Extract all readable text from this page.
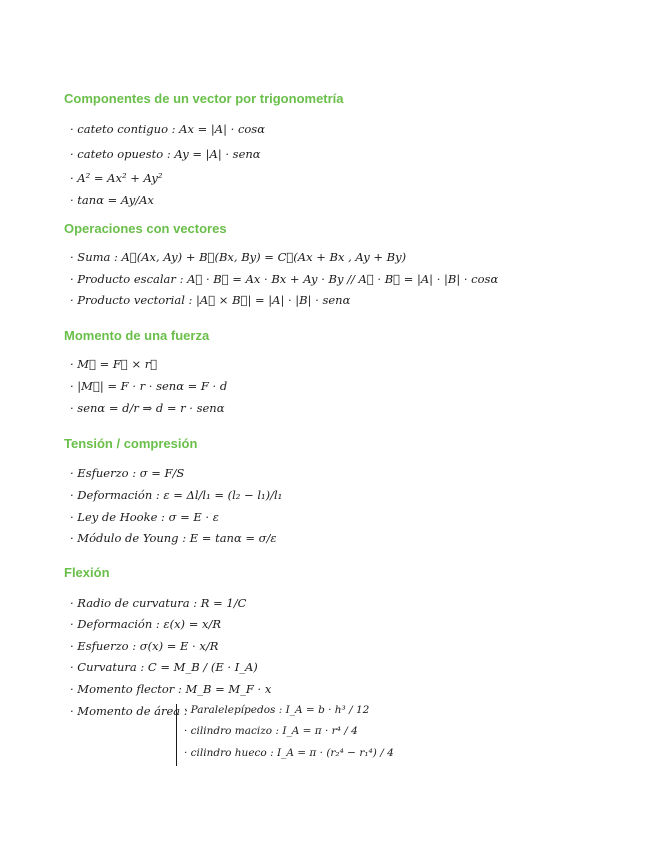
Componentes de un vector por trigonometría
· cateto contiguo : Ax = |A| · cosα
· cateto opuesto : Ay = |A| · senα
· A² = Ax² + Ay²
· tanα = Ay/Ax
Operaciones con vectores
· Suma : A⃗(Ax, Ay) + B⃗(Bx, By) = C⃗(Ax + Bx , Ay + By)
· Producto escalar : A⃗ · B⃗ = Ax · Bx + Ay · By // A⃗ · B⃗ = |A| · |B| · cosα
· Producto vectorial : |A⃗ × B⃗| = |A| · |B| · senα
Momento de una fuerza
· M⃗ = F⃗ × r⃗
· |M⃗| = F · r · senα = F · d
· senα = d/r ⇒ d = r · senα
Tensión / compresión
· Esfuerzo : σ = F/S
· Deformación : ε = Δl/l₁ = (l₂ − l₁)/l₁
· Ley de Hooke : σ = E · ε
· Módulo de Young : E = tanα = σ/ε
Flexión
· Radio de curvatura : R = 1/C
· Deformación : ε(x) = x/R
· Esfuerzo : σ(x) = E · x/R
· Curvatura : C = M_B / (E · I_A)
· Momento flector : M_B = M_F · x
· Momento de área :
· Paralelepípedos : I_A = b · h³ / 12
· cilindro macizo : I_A = π · r⁴ / 4
· cilindro hueco : I_A = π · (r₂⁴ − r₁⁴) / 4
